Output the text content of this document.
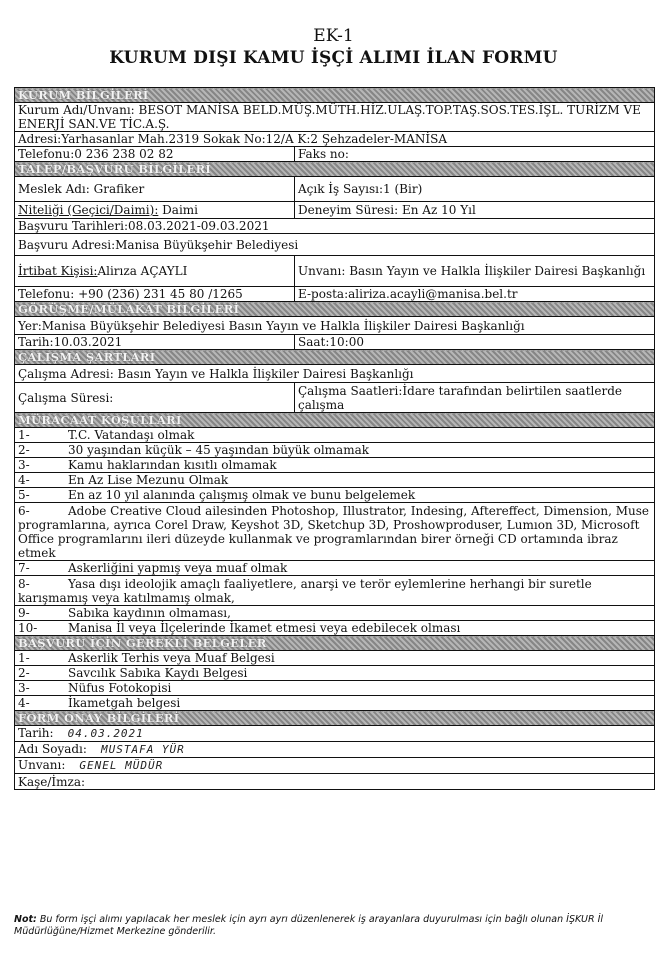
EK-1
KURUM DIŞI KAMU İŞÇİ ALIMI İLAN FORMU
KURUM BİLGİLERİ	
Kurum Adı/Unvanı: BESOT MANİSA BELD.MÜŞ.MÜTH.HİZ.ULAŞ.TOP.TAŞ.SOS.TES.İŞL. TURİZM VE ENERJİ SAN.VE TİC.A.Ş.	
Adresi:Yarhasanlar Mah.2319 Sokak No:12/A K:2 Şehzadeler-MANİSA	
Telefonu:0 236 238 02 82	Faks no:
TALEP/BAŞVURU BİLGİLERİ	
Meslek Adı: Grafiker	Açık İş Sayısı:1 (Bir)
Niteliği (Geçici/Daimi): Daimi	Deneyim Süresi: En Az 10 Yıl
Başvuru Tarihleri:08.03.2021-09.03.2021	
Başvuru Adresi:Manisa Büyükşehir Belediyesi	
İrtibat Kişisi:Alirıza AÇAYLI	Unvanı: Basın Yayın ve Halkla İlişkiler Dairesi Başkanlığı
Telefonu: +90 (236) 231 45 80 /1265	E-posta:aliriza.acayli@manisa.bel.tr
GÖRÜŞME/MÜLAKAT BİLGİLERİ	
Yer:Manisa Büyükşehir Belediyesi Basın Yayın ve Halkla İlişkiler Dairesi Başkanlığı	
Tarih:10.03.2021	Saat:10:00
ÇALIŞMA ŞARTLARI	
Çalışma Adresi: Basın Yayın ve Halkla İlişkiler Dairesi Başkanlığı	
Çalışma Süresi:	Çalışma Saatleri:İdare tarafından belirtilen saatlerde çalışma
MÜRACAAT KOŞULLARI	
1- T.C. Vatandaşı olmak	
2- 30 yaşından küçük – 45 yaşından büyük olmamak	
3- Kamu haklarından kısıtlı olmamak	
4- En Az Lise Mezunu Olmak	
5- En az 10 yıl alanında çalışmış olmak ve bunu belgelemek	
6- Adobe Creative Cloud ailesinden Photoshop, Illustrator, Indesing, Aftereffect, Dimension, Muse programlarına, ayrıca Corel Draw, Keyshot 3D, Sketchup 3D, Proshowproduser, Lumıon 3D, Microsoft Office programlarını ileri düzeyde kullanmak ve programlarından birer örneği CD ortamında ibraz etmek	
7- Askerliğini yapmış veya muaf olmak	
8- Yasa dışı ideolojik amaçlı faaliyetlere, anarşi ve terör eylemlerine herhangi bir suretle karışmamış veya katılmamış olmak,	
9- Sabıka kaydının olmaması,	
10- Manisa İl veya İlçelerinde İkamet etmesi veya edebilecek olması	
BAŞVURU İÇİN GEREKLİ BELGELER	
1- Askerlik Terhis veya Muaf Belgesi	
2- Savcılık Sabıka Kaydı Belgesi	
3- Nüfus Fotokopisi	
4- İkametgah belgesi	
FORM ONAY BİLGİLERİ	
Tarih: 04.03.2021	
Adı Soyadı: MUSTAFA YÜR	
Unvanı: GENEL MÜDÜR	
Kaşe/İmza:	
Not: Bu form işçi alımı yapılacak her meslek için ayrı ayrı düzenlenerek iş arayanlara duyurulması için bağlı olunan İŞKUR İl Müdürlüğüne/Hizmet Merkezine gönderilir.
